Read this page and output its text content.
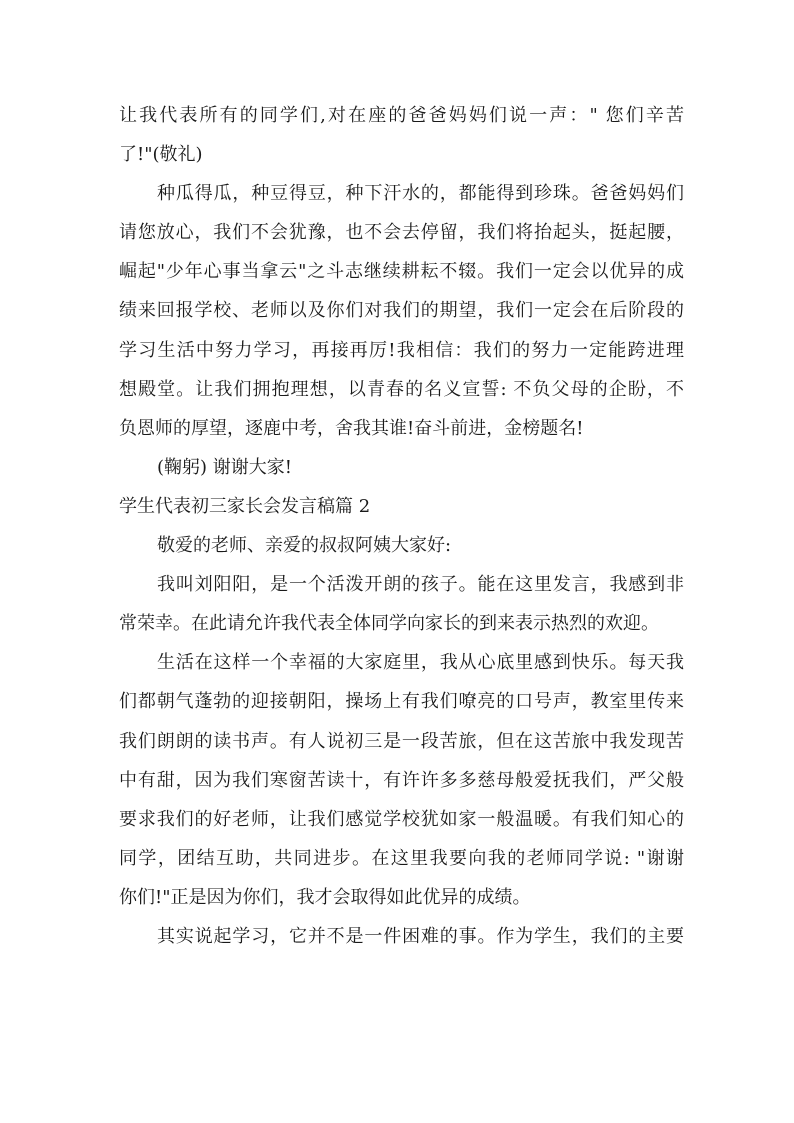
让我代表所有的同学们,对在座的爸爸妈妈们说一声：" 您们辛苦
了!"(敬礼)
种瓜得瓜，种豆得豆，种下汗水的，都能得到珍珠。爸爸妈妈们
请您放心，我们不会犹豫，也不会去停留，我们将抬起头，挺起腰，
崛起"少年心事当拿云"之斗志继续耕耘不辍。我们一定会以优异的成
绩来回报学校、老师以及你们对我们的期望，我们一定会在后阶段的
学习生活中努力学习，再接再厉!我相信：我们的努力一定能跨进理
想殿堂。让我们拥抱理想，以青春的名义宣誓: 不负父母的企盼，不
负恩师的厚望，逐鹿中考，舍我其谁!奋斗前进，金榜题名!
(鞠躬) 谢谢大家!
学生代表初三家长会发言稿篇 2
敬爱的老师、亲爱的叔叔阿姨大家好:
我叫刘阳阳，是一个活泼开朗的孩子。能在这里发言，我感到非
常荣幸。在此请允许我代表全体同学向家长的到来表示热烈的欢迎。
生活在这样一个幸福的大家庭里，我从心底里感到快乐。每天我
们都朝气蓬勃的迎接朝阳，操场上有我们嘹亮的口号声，教室里传来
我们朗朗的读书声。有人说初三是一段苦旅，但在这苦旅中我发现苦
中有甜，因为我们寒窗苦读十，有许许多多慈母般爱抚我们，严父般
要求我们的好老师，让我们感觉学校犹如家一般温暖。有我们知心的
同学，团结互助，共同进步。在这里我要向我的老师同学说: "谢谢
你们!"正是因为你们，我才会取得如此优异的成绩。
其实说起学习，它并不是一件困难的事。作为学生，我们的主要
